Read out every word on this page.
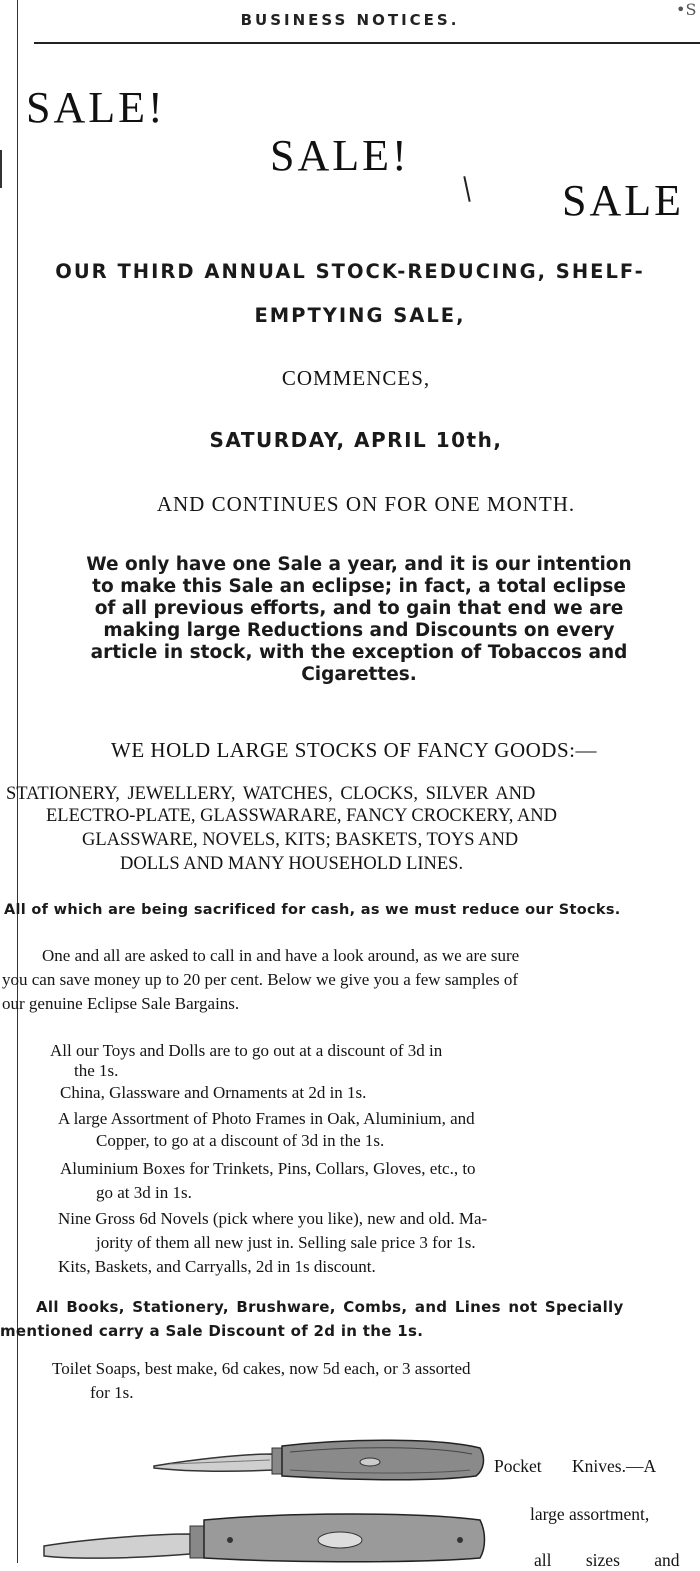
BUSINESS NOTICES.
•S
SALE!
SALE!
SALE
OUR THIRD ANNUAL STOCK-REDUCING, SHELF-
EMPTYING SALE,
COMMENCES,
SATURDAY, APRIL 10th,
AND CONTINUES ON FOR ONE MONTH.
We only have one Sale a year, and it is our intention
to make this Sale an eclipse; in fact, a total eclipse
of all previous efforts, and to gain that end we are
making large Reductions and Discounts on every
article in stock, with the exception of Tobaccos and
Cigarettes.
WE HOLD LARGE STOCKS OF FANCY GOODS:—
STATIONERY, JEWELLERY, WATCHES, CLOCKS, SILVER AND
ELECTRO-PLATE, GLASSWARARE, FANCY CROCKERY, AND
GLASSWARE, NOVELS, KITS; BASKETS, TOYS AND
DOLLS AND MANY HOUSEHOLD LINES.
All of which are being sacrificed for cash, as we must reduce our Stocks.
One and all are asked to call in and have a look around, as we are sure
you can save money up to 20 per cent. Below we give you a few samples of
our genuine Eclipse Sale Bargains.
All our Toys and Dolls are to go out at a discount of 3d in
the 1s.
China, Glassware and Ornaments at 2d in 1s.
A large Assortment of Photo Frames in Oak, Aluminium, and
Copper, to go at a discount of 3d in the 1s.
Aluminium Boxes for Trinkets, Pins, Collars, Gloves, etc., to
go at 3d in 1s.
Nine Gross 6d Novels (pick where you like), new and old. Ma-
jority of them all new just in. Selling sale price 3 for 1s.
Kits, Baskets, and Carryalls, 2d in 1s discount.
All Books, Stationery, Brushware, Combs, and Lines not Specially
mentioned carry a Sale Discount of 2d in the 1s.
Toilet Soaps, best make, 6d cakes, now 5d each, or 3 assorted
for 1s.
Pocket Knives.—A
large assortment,
all sizes and
